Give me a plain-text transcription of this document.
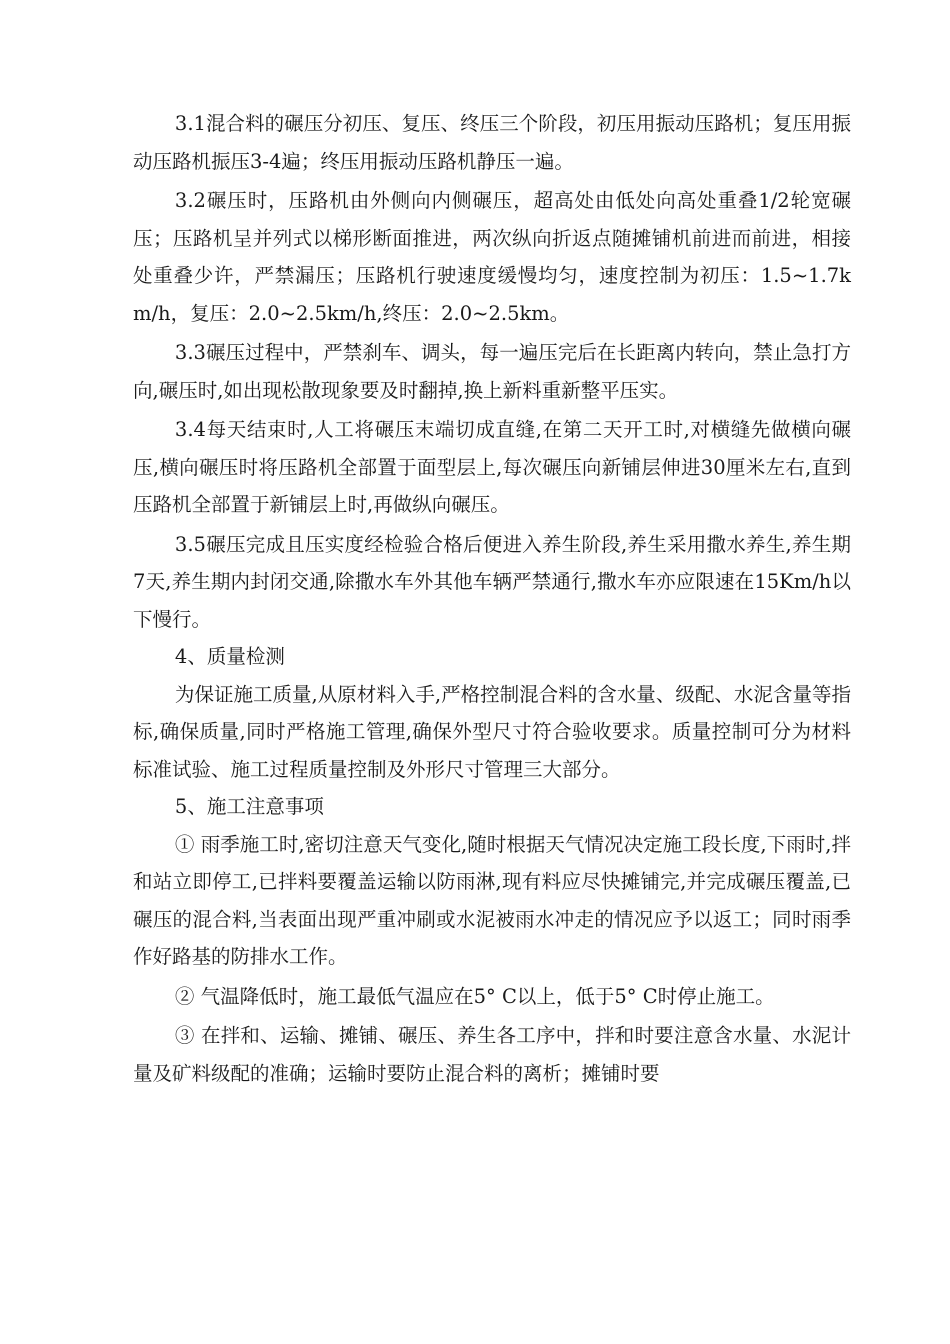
3.1混合料的碾压分初压、复压、终压三个阶段，初压用振动压路机；复压用振动压路机振压3-4遍；终压用振动压路机静压一遍。

3.2碾压时，压路机由外侧向内侧碾压，超高处由低处向高处重叠1/2轮宽碾压；压路机呈并列式以梯形断面推进，两次纵向折返点随摊铺机前进而前进，相接处重叠少许，严禁漏压；压路机行驶速度缓慢均匀，速度控制为初压：1.5~1.7km/h，复压：2.0~2.5km/h,终压：2.0~2.5km。

3.3碾压过程中，严禁刹车、调头，每一遍压完后在长距离内转向，禁止急打方向,碾压时,如出现松散现象要及时翻掉,换上新料重新整平压实。

3.4每天结束时,人工将碾压末端切成直缝,在第二天开工时,对横缝先做横向碾压,横向碾压时将压路机全部置于面型层上,每次碾压向新铺层伸进30厘米左右,直到压路机全部置于新铺层上时,再做纵向碾压。

3.5碾压完成且压实度经检验合格后便进入养生阶段,养生采用撒水养生,养生期7天,养生期内封闭交通,除撒水车外其他车辆严禁通行,撒水车亦应限速在15Km/h以下慢行。

4、质量检测

为保证施工质量,从原材料入手,严格控制混合料的含水量、级配、水泥含量等指标,确保质量,同时严格施工管理,确保外型尺寸符合验收要求。质量控制可分为材料标准试验、施工过程质量控制及外形尺寸管理三大部分。

5、施工注意事项

① 雨季施工时,密切注意天气变化,随时根据天气情况决定施工段长度,下雨时,拌和站立即停工,已拌料要覆盖运输以防雨淋,现有料应尽快摊铺完,并完成碾压覆盖,已碾压的混合料,当表面出现严重冲刷或水泥被雨水冲走的情况应予以返工；同时雨季作好路基的防排水工作。

② 气温降低时，施工最低气温应在5° C以上，低于5° C时停止施工。

③ 在拌和、运输、摊铺、碾压、养生各工序中，拌和时要注意含水量、水泥计量及矿料级配的准确；运输时要防止混合料的离析；摊铺时要
